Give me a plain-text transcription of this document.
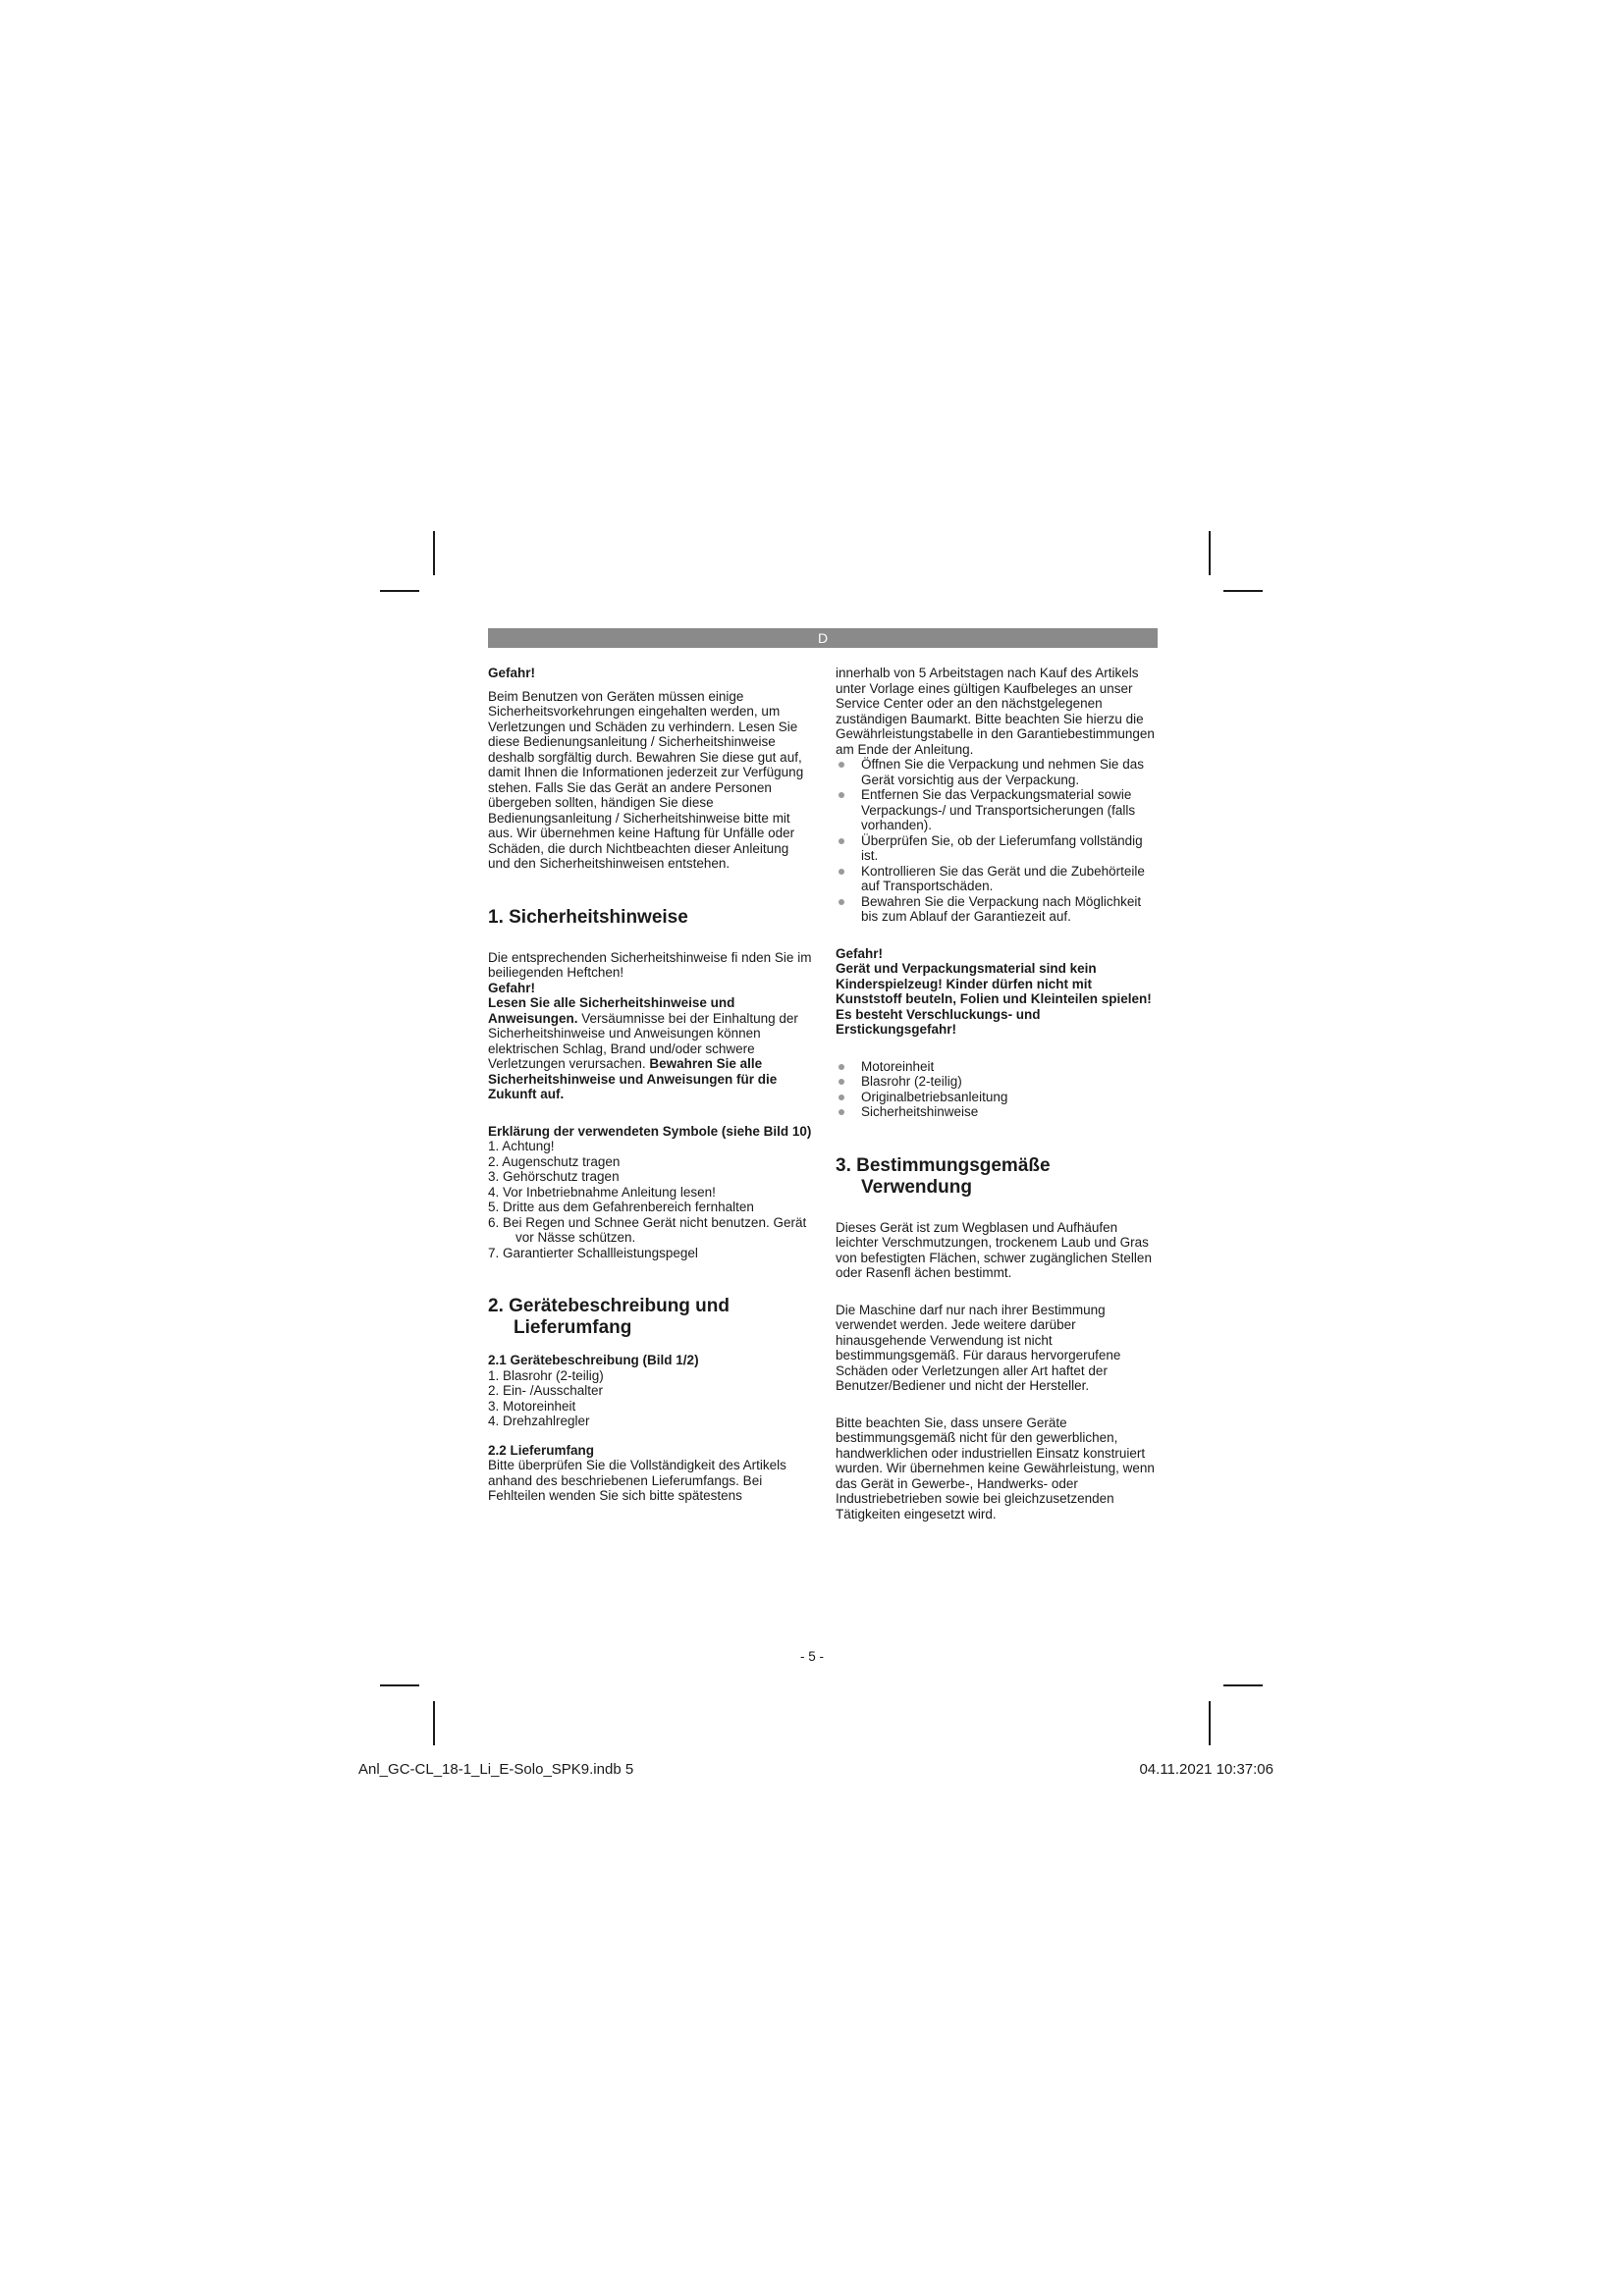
D
Gefahr!

Beim Benutzen von Geräten müssen einige Sicherheitsvorkehrungen eingehalten werden, um Verletzungen und Schäden zu verhindern. Lesen Sie diese Bedienungsanleitung / Sicherheitshinweise deshalb sorgfältig durch. Bewahren Sie diese gut auf, damit Ihnen die Informationen jederzeit zur Verfügung stehen. Falls Sie das Gerät an andere Personen übergeben sollten, händigen Sie diese Bedienungsanleitung / Sicherheitshinweise bitte mit aus. Wir übernehmen keine Haftung für Unfälle oder Schäden, die durch Nichtbeachten dieser Anleitung und den Sicherheitshinweisen entstehen.

1. Sicherheitshinweise

Die entsprechenden Sicherheitshinweise fi nden Sie im beiliegenden Heftchen!

Gefahr!

Lesen Sie alle Sicherheitshinweise und Anweisungen. Versäumnisse bei der Einhaltung der Sicherheitshinweise und Anweisungen können elektrischen Schlag, Brand und/oder schwere Verletzungen verursachen. Bewahren Sie alle Sicherheitshinweise und Anweisungen für die Zukunft auf.

Erklärung der verwendeten Symbole (siehe Bild 10)
1. Achtung!
2. Augenschutz tragen
3. Gehörschutz tragen
4. Vor Inbetriebnahme Anleitung lesen!
5. Dritte aus dem Gefahrenbereich fernhalten
6. Bei Regen und Schnee Gerät nicht benutzen. Gerät vor Nässe schützen.
7. Garantierter Schallleistungspegel
2. Gerätebeschreibung und Lieferumfang
2.1 Gerätebeschreibung (Bild 1/2)
1. Blasrohr (2-teilig)
2. Ein- /Ausschalter
3. Motoreinheit
4. Drehzahlregler
2.2 Lieferumfang

Bitte überprüfen Sie die Vollständigkeit des Artikels anhand des beschriebenen Lieferumfangs. Bei Fehlteilen wenden Sie sich bitte spätestens

innerhalb von 5 Arbeitstagen nach Kauf des Artikels unter Vorlage eines gültigen Kaufbeleges an unser Service Center oder an den nächstgelegenen zuständigen Baumarkt. Bitte beachten Sie hierzu die Gewährleistungstabelle in den Garantiebestimmungen am Ende der Anleitung.

Öffnen Sie die Verpackung und nehmen Sie das Gerät vorsichtig aus der Verpackung.
Entfernen Sie das Verpackungsmaterial sowie Verpackungs-/ und Transportsicherungen (falls vorhanden).
Überprüfen Sie, ob der Lieferumfang vollständig ist.
Kontrollieren Sie das Gerät und die Zubehörteile auf Transportschäden.
Bewahren Sie die Verpackung nach Möglichkeit bis zum Ablauf der Garantiezeit auf.
Gefahr!

Gerät und Verpackungsmaterial sind kein Kinderspielzeug! Kinder dürfen nicht mit Kunststoff beuteln, Folien und Kleinteilen spielen! Es besteht Verschluckungs- und Erstickungsgefahr!

Motoreinheit
Blasrohr (2-teilig)
Originalbetriebsanleitung
Sicherheitshinweise
3. Bestimmungsgemäße Verwendung

Dieses Gerät ist zum Wegblasen und Aufhäufen leichter Verschmutzungen, trockenem Laub und Gras von befestigten Flächen, schwer zugänglichen Stellen oder Rasenfl ächen bestimmt.

Die Maschine darf nur nach ihrer Bestimmung verwendet werden. Jede weitere darüber hinausgehende Verwendung ist nicht bestimmungsgemäß. Für daraus hervorgerufene Schäden oder Verletzungen aller Art haftet der Benutzer/Bediener und nicht der Hersteller.

Bitte beachten Sie, dass unsere Geräte bestimmungsgemäß nicht für den gewerblichen, handwerklichen oder industriellen Einsatz konstruiert wurden. Wir übernehmen keine Gewährleistung, wenn das Gerät in Gewerbe-, Handwerks- oder Industriebetrieben sowie bei gleichzusetzenden Tätigkeiten eingesetzt wird.

- 5 -
Anl_GC-CL_18-1_Li_E-Solo_SPK9.indb 5	04.11.2021 10:37:06
